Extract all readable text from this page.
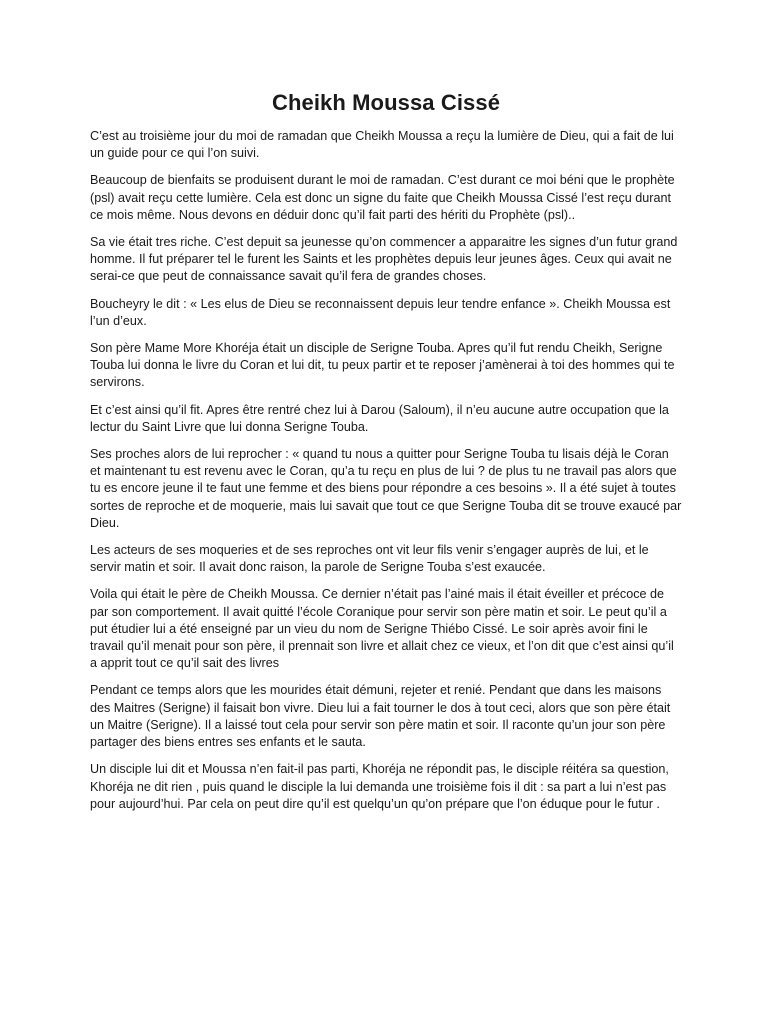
Cheikh Moussa Cissé

C’est au troisième jour du moi de ramadan que Cheikh Moussa a reçu la lumière de Dieu, qui a fait de lui un guide pour ce qui l’on suivi.

Beaucoup de bienfaits se produisent durant le moi de ramadan. C’est durant ce moi béni que le prophète (psl) avait reçu cette lumière. Cela est donc un signe du faite que Cheikh Moussa Cissé l’est reçu durant ce mois même. Nous devons en déduir donc qu’il fait parti des hériti du Prophète (psl)..

Sa vie était tres riche. C’est depuit sa jeunesse qu’on commencer a apparaitre les signes d’un futur grand homme. Il fut préparer tel le furent les Saints et les prophètes depuis leur jeunes âges. Ceux qui avait ne serai-ce que peut de connaissance savait qu’il fera de grandes choses.

Boucheyry le dit : « Les elus de Dieu se reconnaissent depuis leur tendre enfance ». Cheikh Moussa est l’un d’eux.

Son père Mame More Khoréja était un disciple de Serigne Touba. Apres qu’il fut rendu Cheikh, Serigne Touba lui donna le livre du Coran et lui dit, tu peux partir et te reposer j’amènerai à toi des hommes qui te servirons.

Et c’est ainsi qu’il fit. Apres être rentré chez lui à Darou (Saloum), il n’eu aucune autre occupation que la lectur du Saint Livre que lui donna Serigne Touba.

Ses proches alors de lui reprocher : « quand tu nous a quitter pour Serigne Touba tu lisais déjà le Coran et maintenant tu est revenu avec le Coran, qu’a tu reçu en plus de lui ? de plus tu ne travail pas alors que tu es encore jeune il te faut une femme et des biens pour répondre a ces besoins ». Il a été sujet à toutes sortes de reproche et de moquerie, mais lui savait que tout ce que Serigne Touba dit se trouve exaucé par Dieu.

Les acteurs de ses moqueries et de ses reproches ont vit leur fils venir s’engager auprès de lui, et le servir matin et soir. Il avait donc raison, la parole de Serigne Touba s’est exaucée.

Voila qui était le père de Cheikh Moussa. Ce dernier n’était pas l’ainé mais il était éveiller et précoce de par son comportement. Il avait quitté l’école Coranique pour servir son père matin et soir. Le peut qu’il a put étudier lui a été enseigné par un vieu du nom de Serigne Thiébo Cissé. Le soir après avoir fini le travail qu’il menait pour son père, il prennait son livre et allait chez ce vieux, et l’on dit que c’est ainsi qu’il a apprit tout ce qu’il sait des livres

Pendant ce temps alors que les mourides était démuni, rejeter et renié. Pendant que dans les maisons des Maitres (Serigne) il faisait bon vivre. Dieu lui a fait tourner le dos à tout ceci, alors que son père était un Maitre (Serigne). Il a laissé tout cela pour servir son père matin et soir. Il raconte qu’un jour son père partager des biens entres ses enfants et le sauta.

Un disciple lui dit et Moussa n’en fait-il pas parti, Khoréja ne répondit pas, le disciple réitéra sa question, Khoréja ne dit rien , puis quand le disciple la lui demanda une troisième fois il dit : sa part a lui n’est pas pour aujourd’hui. Par cela on peut dire qu’il est quelqu’un qu’on prépare que l’on éduque pour le futur .
